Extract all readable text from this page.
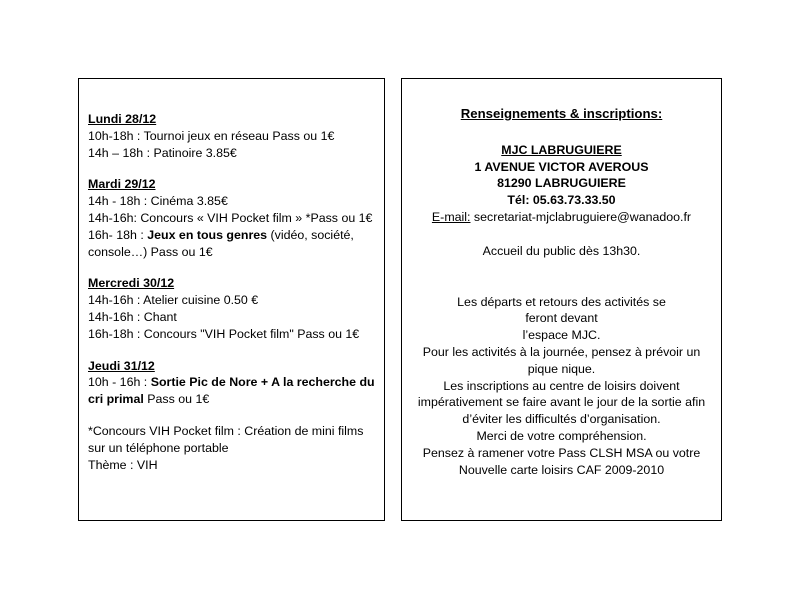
Lundi 28/12
10h-18h : Tournoi jeux en réseau Pass ou 1€
14h – 18h : Patinoire 3.85€
Mardi 29/12
14h - 18h : Cinéma 3.85€
14h-16h: Concours « VIH Pocket film » *Pass ou 1€
16h- 18h : Jeux en tous genres (vidéo, société, console…) Pass ou 1€
Mercredi 30/12
14h-16h : Atelier cuisine 0.50 €
14h-16h : Chant
16h-18h : Concours "VIH Pocket film" Pass ou 1€
Jeudi 31/12
10h - 16h : Sortie Pic de Nore + A la recherche du cri primal Pass ou 1€
*Concours VIH Pocket film : Création de mini films sur un téléphone portable
Thème : VIH
Renseignements & inscriptions:
MJC LABRUGUIERE
1 AVENUE VICTOR AVEROUS
81290 LABRUGUIERE
Tél: 05.63.73.33.50
E-mail: secretariat-mjclabruguiere@wanadoo.fr
Accueil du public dès 13h30.
Les départs et retours des activités se feront devant
l’espace MJC.
Pour les activités à la journée, pensez à prévoir un pique nique.
Les inscriptions au centre de loisirs doivent impérativement se faire avant le jour de la sortie afin d’éviter les difficultés d’organisation.
Merci de votre compréhension.
Pensez à ramener votre Pass CLSH MSA ou votre Nouvelle carte loisirs CAF 2009-2010
